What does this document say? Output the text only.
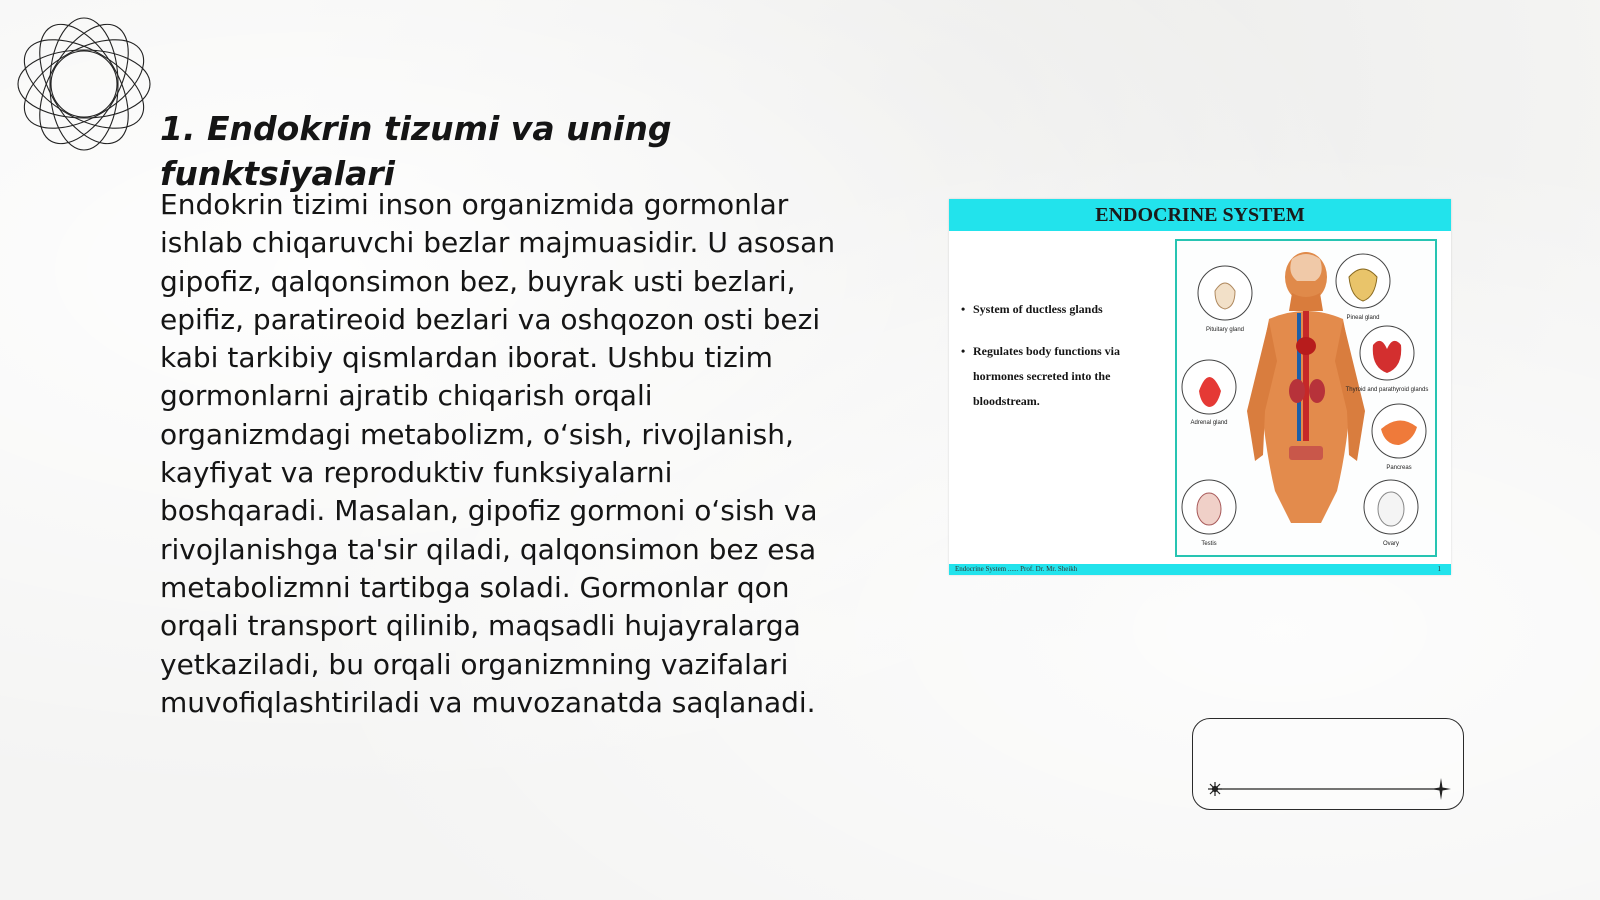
1. Endokrin tizumi va uning funktsiyalari

Endokrin tizimi inson organizmida gormonlar ishlab chiqaruvchi bezlar majmuasidir. U asosan gipofiz, qalqonsimon bez, buyrak usti bezlari, epifiz, paratireoid bezlari va oshqozon osti bezi kabi tarkibiy qismlardan iborat. Ushbu tizim gormonlarni ajratib chiqarish orqali organizmdagi metabolizm, o‘sish, rivojlanish, kayfiyat va reproduktiv funksiyalarni boshqaradi. Masalan, gipofiz gormoni o‘sish va rivojlanishga ta'sir qiladi, qalqonsimon bez esa metabolizmni tartibga soladi. Gormonlar qon orqali transport qilinib, maqsadli hujayralarga yetkaziladi, bu orqali organizmning vazifalari muvofiqlashtiriladi va muvozanatda saqlanadi.

ENDOCRINE SYSTEM
• System of ductless glands
• Regulates body functions via hormones secreted into the bloodstream.
Pituitary gland
Pineal gland
Thyroid and parathyroid glands
Adrenal gland
Pancreas
Testis	Ovary
Endocrine System ...... Prof. Dr. Mr. Sheikh	1
